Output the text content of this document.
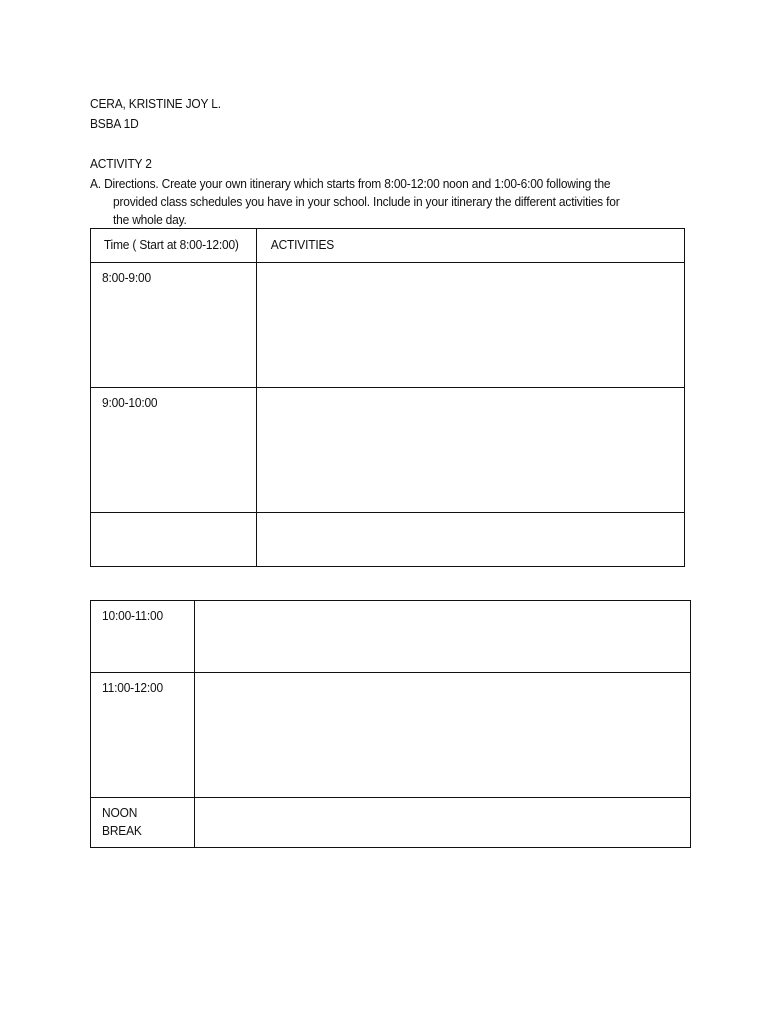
CERA, KRISTINE JOY L.
BSBA 1D
ACTIVITY 2
A. Directions. Create your own itinerary which starts from 8:00-12:00 noon and 1:00-6:00 following the
provided class schedules you have in your school. Include in your itinerary the different activities for
the whole day.
Time ( Start at 8:00-12:00)	ACTIVITIES

8:00-9:00	

9:00-10:00	

10:00-11:00	

11:00-12:00	

NOON BREAK	
